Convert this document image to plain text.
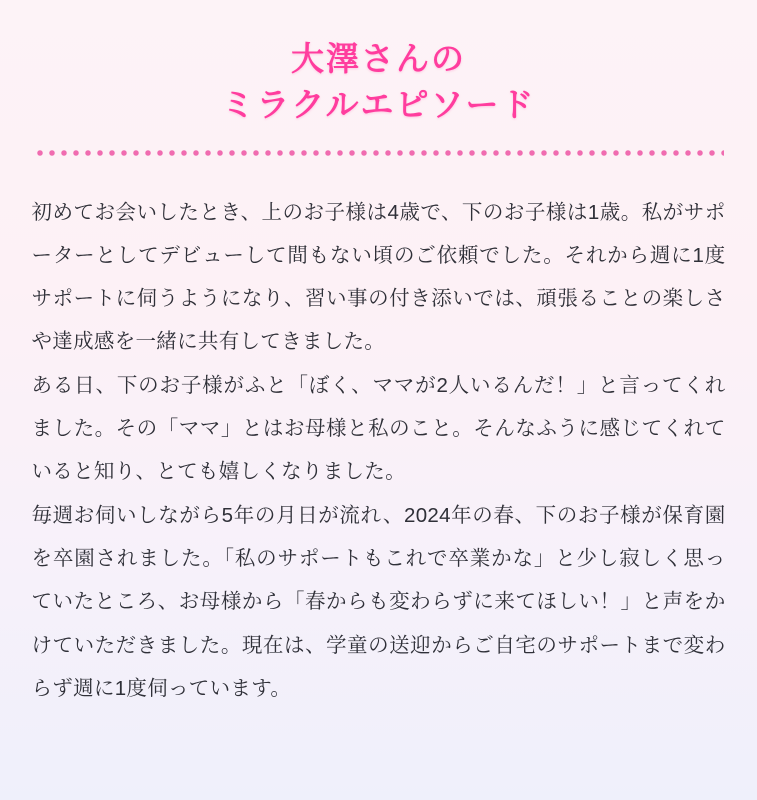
大澤さんの
ミラクルエピソード

初めてお会いしたとき、上のお子様は4歳で、下のお子様は1歳。私がサポーターとしてデビューして間もない頃のご依頼でした。それから週に1度サポートに伺うようになり、習い事の付き添いでは、頑張ることの楽しさや達成感を一緒に共有してきました。

ある日、下のお子様がふと「ぼく、ママが2人いるんだ！」と言ってくれました。その「ママ」とはお母様と私のこと。そんなふうに感じてくれていると知り、とても嬉しくなりました。

毎週お伺いしながら5年の月日が流れ、2024年の春、下のお子様が保育園を卒園されました。「私のサポートもこれで卒業かな」と少し寂しく思っていたところ、お母様から「春からも変わらずに来てほしい！」と声をかけていただきました。現在は、学童の送迎からご自宅のサポートまで変わらず週に1度伺っています。
